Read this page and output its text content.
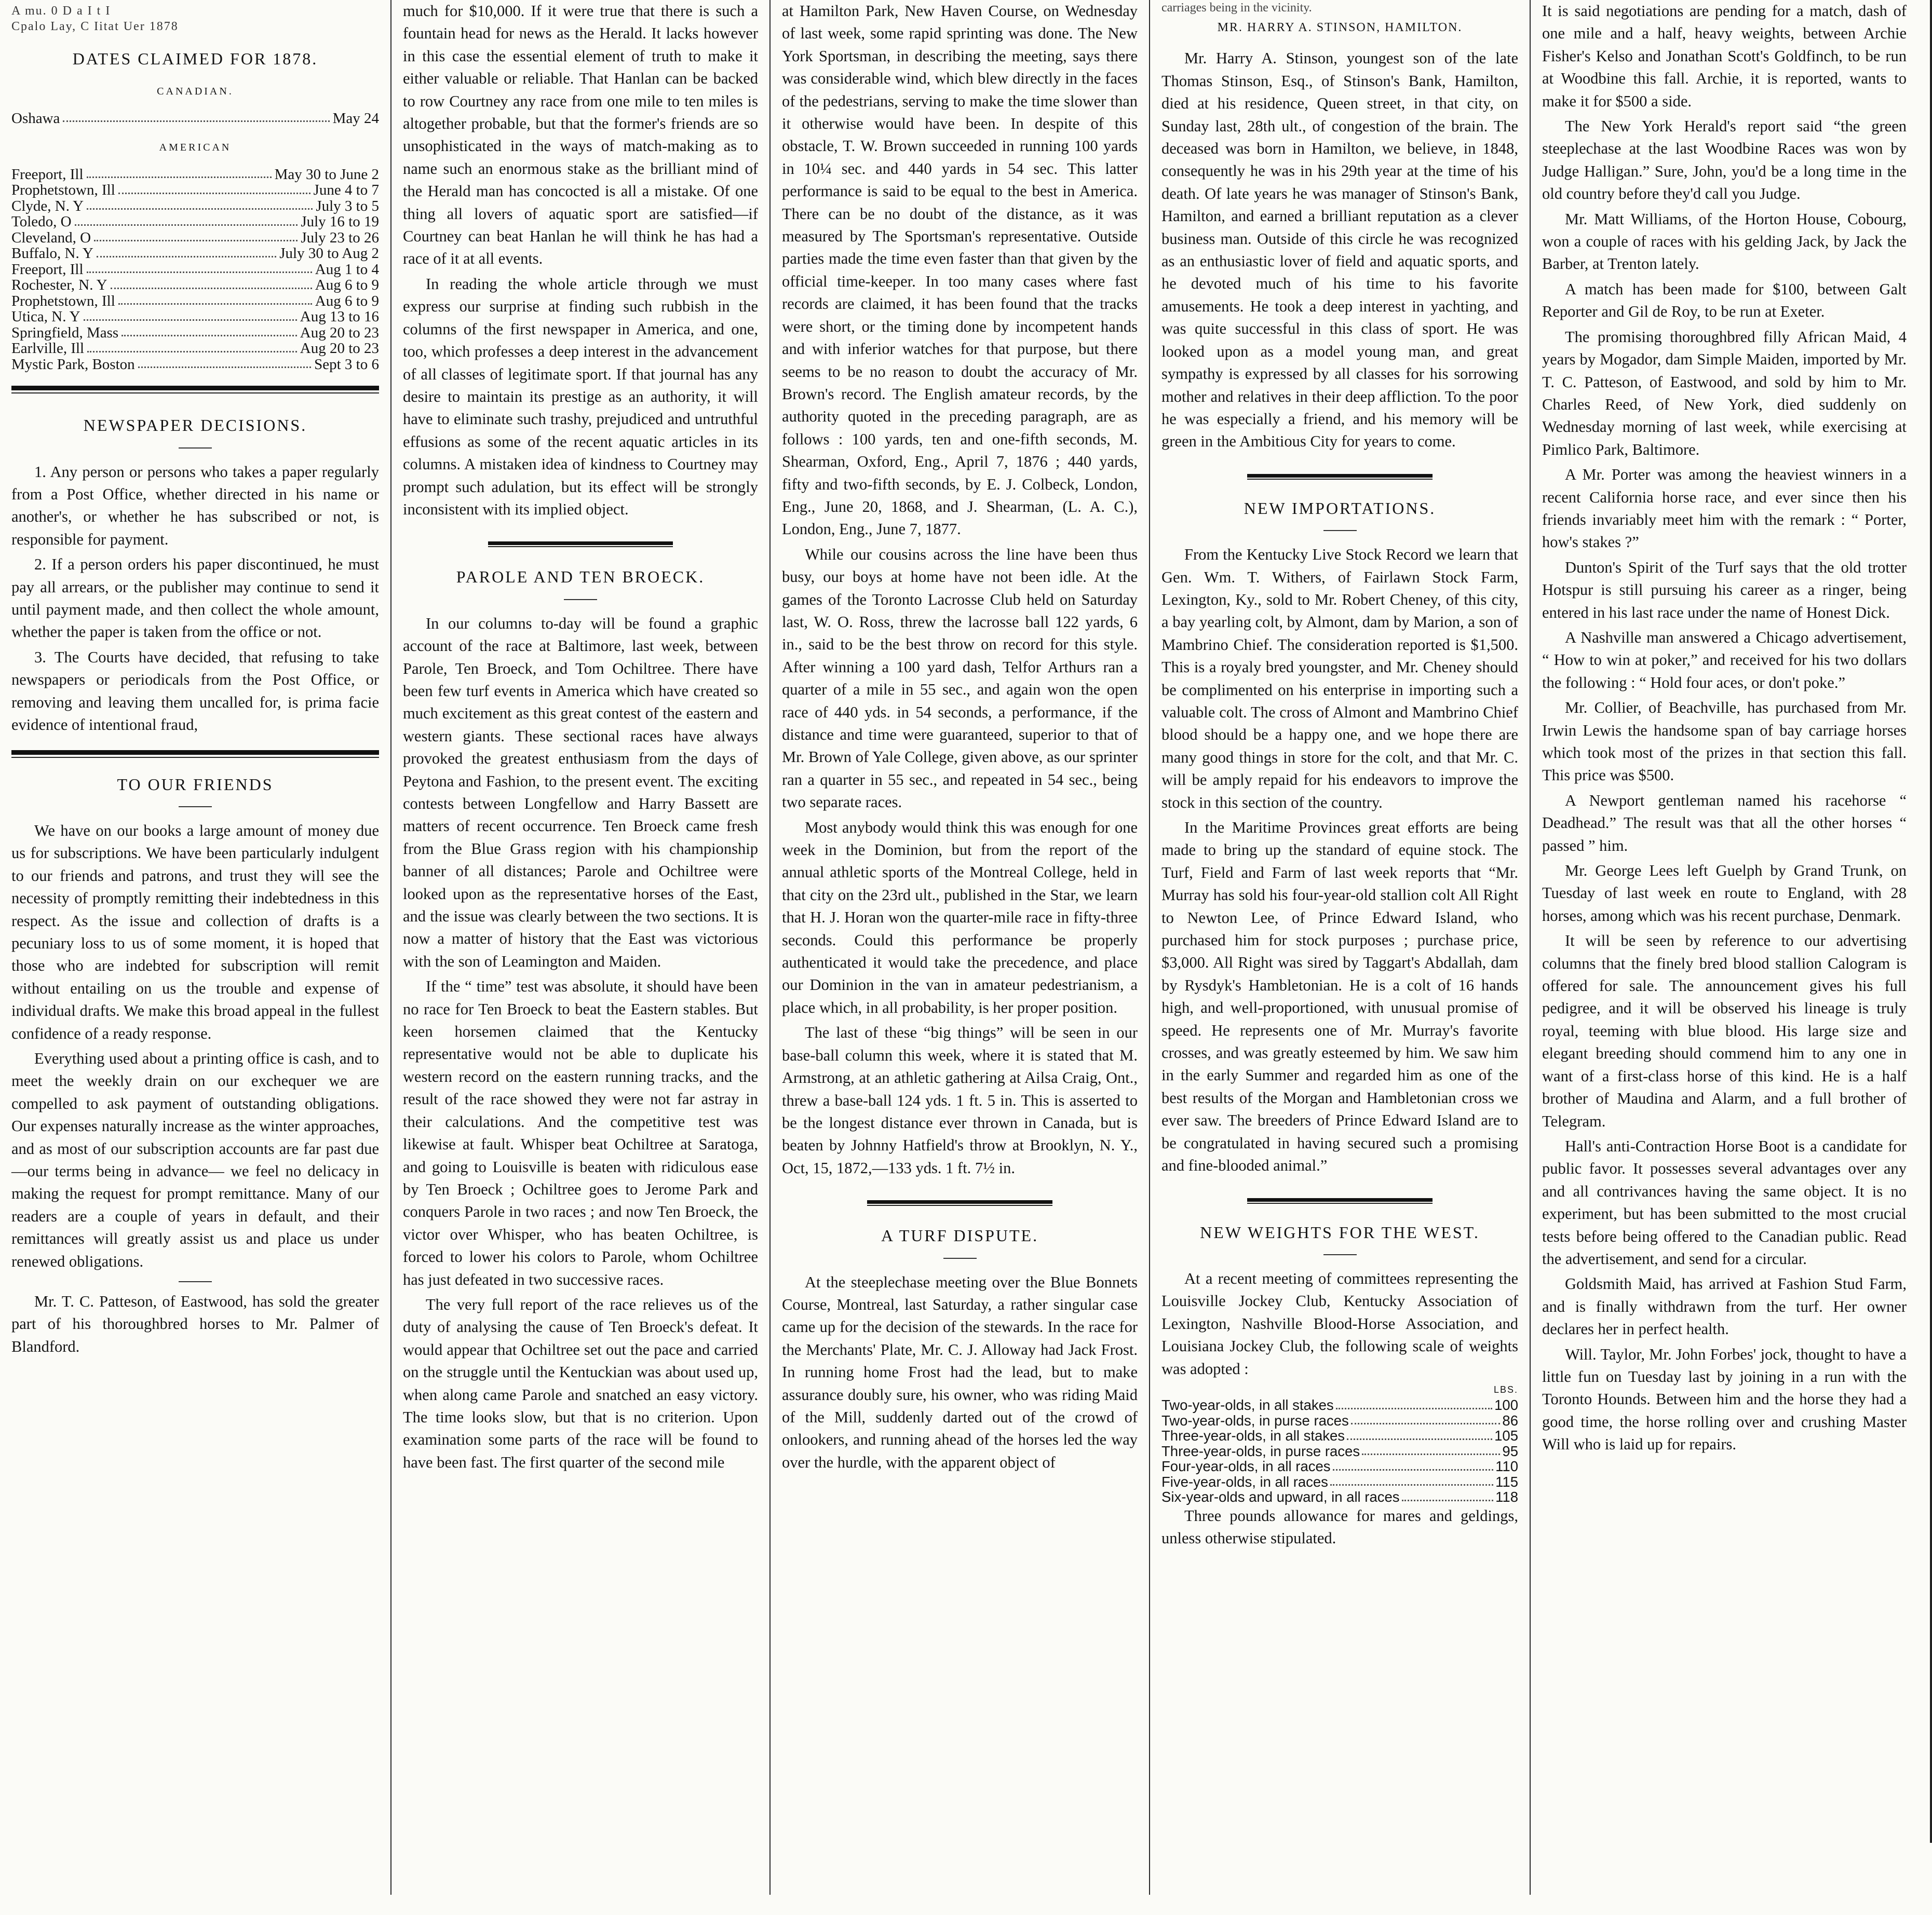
A mu. 0 D a I t I
Cpalo Lay, C Iitat Uer 1878
DATES CLAIMED FOR 1878.
CANADIAN.
Oshawa	May 24
AMERICAN
Freeport, Ill	May 30 to June 2
Prophetstown, Ill	June 4 to 7
Clyde, N. Y	July 3 to 5
Toledo, O	July 16 to 19
Cleveland, O	July 23 to 26
Buffalo, N. Y	July 30 to Aug 2
Freeport, Ill	Aug 1 to 4
Rochester, N. Y	Aug 6 to 9
Prophetstown, Ill	Aug 6 to 9
Utica, N. Y	Aug 13 to 16
Springfield, Mass	Aug 20 to 23
Earlville, Ill	Aug 20 to 23
Mystic Park, Boston	Sept 3 to 6
NEWSPAPER DECISIONS.

1. Any person or persons who takes a paper regularly from a Post Office, whether directed in his name or another's, or whether he has subscribed or not, is responsible for payment.

2. If a person orders his paper discontinued, he must pay all arrears, or the publisher may continue to send it until payment made, and then collect the whole amount, whether the paper is taken from the office or not.

3. The Courts have decided, that refusing to take newspapers or periodicals from the Post Office, or removing and leaving them uncalled for, is prima facie evidence of intentional fraud,

TO OUR FRIENDS

We have on our books a large amount of money due us for subscriptions. We have been particularly indulgent to our friends and patrons, and trust they will see the necessity of promptly remitting their indebtedness in this respect. As the issue and collection of drafts is a pecuniary loss to us of some moment, it is hoped that those who are indebted for subscription will remit without entailing on us the trouble and expense of individual drafts. We make this broad appeal in the fullest confidence of a ready response.

Everything used about a printing office is cash, and to meet the weekly drain on our exchequer we are compelled to ask payment of outstanding obligations. Our expenses naturally increase as the winter approaches, and as most of our subscription accounts are far past due —our terms being in advance— we feel no delicacy in making the request for prompt remittance. Many of our readers are a couple of years in default, and their remittances will greatly assist us and place us under renewed obligations.

Mr. T. C. Patteson, of Eastwood, has sold the greater part of his thoroughbred horses to Mr. Palmer of Blandford.

much for $10,000. If it were true that there is such a fountain head for news as the Herald. It lacks however in this case the essential element of truth to make it either valuable or reliable. That Hanlan can be backed to row Courtney any race from one mile to ten miles is altogether probable, but that the former's friends are so unsophisticated in the ways of match-making as to name such an enormous stake as the brilliant mind of the Herald man has concocted is all a mistake. Of one thing all lovers of aquatic sport are satisfied—if Courtney can beat Hanlan he will think he has had a race of it at all events.

In reading the whole article through we must express our surprise at finding such rubbish in the columns of the first newspaper in America, and one, too, which professes a deep interest in the advancement of all classes of legitimate sport. If that journal has any desire to maintain its prestige as an authority, it will have to eliminate such trashy, prejudiced and untruthful effusions as some of the recent aquatic articles in its columns. A mistaken idea of kindness to Courtney may prompt such adulation, but its effect will be strongly inconsistent with its implied object.

PAROLE AND TEN BROECK.

In our columns to-day will be found a graphic account of the race at Baltimore, last week, between Parole, Ten Broeck, and Tom Ochiltree. There have been few turf events in America which have created so much excitement as this great contest of the eastern and western giants. These sectional races have always provoked the greatest enthusiasm from the days of Peytona and Fashion, to the present event. The exciting contests between Longfellow and Harry Bassett are matters of recent occurrence. Ten Broeck came fresh from the Blue Grass region with his championship banner of all distances; Parole and Ochiltree were looked upon as the representative horses of the East, and the issue was clearly between the two sections. It is now a matter of history that the East was victorious with the son of Leamington and Maiden.

If the “ time” test was absolute, it should have been no race for Ten Broeck to beat the Eastern stables. But keen horsemen claimed that the Kentucky representative would not be able to duplicate his western record on the eastern running tracks, and the result of the race showed they were not far astray in their calculations. And the competitive test was likewise at fault. Whisper beat Ochiltree at Saratoga, and going to Louisville is beaten with ridiculous ease by Ten Broeck ; Ochiltree goes to Jerome Park and conquers Parole in two races ; and now Ten Broeck, the victor over Whisper, who has beaten Ochiltree, is forced to lower his colors to Parole, whom Ochiltree has just defeated in two successive races.

The very full report of the race relieves us of the duty of analysing the cause of Ten Broeck's defeat. It would appear that Ochiltree set out the pace and carried on the struggle until the Kentuckian was about used up, when along came Parole and snatched an easy victory. The time looks slow, but that is no criterion. Upon examination some parts of the race will be found to have been fast. The first quarter of the second mile

at Hamilton Park, New Haven Course, on Wednesday of last week, some rapid sprinting was done. The New York Sportsman, in describing the meeting, says there was considerable wind, which blew directly in the faces of the pedestrians, serving to make the time slower than it otherwise would have been. In despite of this obstacle, T. W. Brown succeeded in running 100 yards in 10¼ sec. and 440 yards in 54 sec. This latter performance is said to be equal to the best in America. There can be no doubt of the distance, as it was measured by The Sportsman's representative. Outside parties made the time even faster than that given by the official time-keeper. In too many cases where fast records are claimed, it has been found that the tracks were short, or the timing done by incompetent hands and with inferior watches for that purpose, but there seems to be no reason to doubt the accuracy of Mr. Brown's record. The English amateur records, by the authority quoted in the preceding paragraph, are as follows : 100 yards, ten and one-fifth seconds, M. Shearman, Oxford, Eng., April 7, 1876 ; 440 yards, fifty and two-fifth seconds, by E. J. Colbeck, London, Eng., June 20, 1868, and J. Shearman, (L. A. C.), London, Eng., June 7, 1877.

While our cousins across the line have been thus busy, our boys at home have not been idle. At the games of the Toronto Lacrosse Club held on Saturday last, W. O. Ross, threw the lacrosse ball 122 yards, 6 in., said to be the best throw on record for this style. After winning a 100 yard dash, Telfor Arthurs ran a quarter of a mile in 55 sec., and again won the open race of 440 yds. in 54 seconds, a performance, if the distance and time were guaranteed, superior to that of Mr. Brown of Yale College, given above, as our sprinter ran a quarter in 55 sec., and repeated in 54 sec., being two separate races.

Most anybody would think this was enough for one week in the Dominion, but from the report of the annual athletic sports of the Montreal College, held in that city on the 23rd ult., published in the Star, we learn that H. J. Horan won the quarter-mile race in fifty-three seconds. Could this performance be properly authenticated it would take the precedence, and place our Dominion in the van in amateur pedestrianism, a place which, in all probability, is her proper position.

The last of these “big things” will be seen in our base-ball column this week, where it is stated that M. Armstrong, at an athletic gathering at Ailsa Craig, Ont., threw a base-ball 124 yds. 1 ft. 5 in. This is asserted to be the longest distance ever thrown in Canada, but is beaten by Johnny Hatfield's throw at Brooklyn, N. Y., Oct, 15, 1872,—133 yds. 1 ft. 7½ in.

A TURF DISPUTE.

At the steeplechase meeting over the Blue Bonnets Course, Montreal, last Saturday, a rather singular case came up for the decision of the stewards. In the race for the Merchants' Plate, Mr. C. J. Alloway had Jack Frost. In running home Frost had the lead, but to make assurance doubly sure, his owner, who was riding Maid of the Mill, suddenly darted out of the crowd of onlookers, and running ahead of the horses led the way over the hurdle, with the apparent object of

carriages being in the vicinity.
MR. HARRY A. STINSON, HAMILTON.

Mr. Harry A. Stinson, youngest son of the late Thomas Stinson, Esq., of Stinson's Bank, Hamilton, died at his residence, Queen street, in that city, on Sunday last, 28th ult., of congestion of the brain. The deceased was born in Hamilton, we believe, in 1848, consequently he was in his 29th year at the time of his death. Of late years he was manager of Stinson's Bank, Hamilton, and earned a brilliant reputation as a clever business man. Outside of this circle he was recognized as an enthusiastic lover of field and aquatic sports, and he devoted much of his time to his favorite amusements. He took a deep interest in yachting, and was quite successful in this class of sport. He was looked upon as a model young man, and great sympathy is expressed by all classes for his sorrowing mother and relatives in their deep affliction. To the poor he was especially a friend, and his memory will be green in the Ambitious City for years to come.

NEW IMPORTATIONS.

From the Kentucky Live Stock Record we learn that Gen. Wm. T. Withers, of Fairlawn Stock Farm, Lexington, Ky., sold to Mr. Robert Cheney, of this city, a bay yearling colt, by Almont, dam by Marion, a son of Mambrino Chief. The consideration reported is $1,500. This is a royaly bred youngster, and Mr. Cheney should be complimented on his enterprise in importing such a valuable colt. The cross of Almont and Mambrino Chief blood should be a happy one, and we hope there are many good things in store for the colt, and that Mr. C. will be amply repaid for his endeavors to improve the stock in this section of the country.

In the Maritime Provinces great efforts are being made to bring up the standard of equine stock. The Turf, Field and Farm of last week reports that “Mr. Murray has sold his four-year-old stallion colt All Right to Newton Lee, of Prince Edward Island, who purchased him for stock purposes ; purchase price, $3,000. All Right was sired by Taggart's Abdallah, dam by Rysdyk's Hambletonian. He is a colt of 16 hands high, and well-proportioned, with unusual promise of speed. He represents one of Mr. Murray's favorite crosses, and was greatly esteemed by him. We saw him in the early Summer and regarded him as one of the best results of the Morgan and Hambletonian cross we ever saw. The breeders of Prince Edward Island are to be congratulated in having secured such a promising and fine-blooded animal.”

NEW WEIGHTS FOR THE WEST.

At a recent meeting of committees representing the Louisville Jockey Club, Kentucky Association of Lexington, Nashville Blood-Horse Association, and Louisiana Jockey Club, the following scale of weights was adopted :

LBS.
Two-year-olds, in all stakes	100
Two-year-olds, in purse races	86
Three-year-olds, in all stakes	105
Three-year-olds, in purse races	95
Four-year-olds, in all races	110
Five-year-olds, in all races	115
Six-year-olds and upward, in all races	118

Three pounds allowance for mares and geldings, unless otherwise stipulated.

It is said negotiations are pending for a match, dash of one mile and a half, heavy weights, between Archie Fisher's Kelso and Jonathan Scott's Goldfinch, to be run at Woodbine this fall. Archie, it is reported, wants to make it for $500 a side.

The New York Herald's report said “the green steeplechase at the last Woodbine Races was won by Judge Halligan.” Sure, John, you'd be a long time in the old country before they'd call you Judge.

Mr. Matt Williams, of the Horton House, Cobourg, won a couple of races with his gelding Jack, by Jack the Barber, at Trenton lately.

A match has been made for $100, between Galt Reporter and Gil de Roy, to be run at Exeter.

The promising thoroughbred filly African Maid, 4 years by Mogador, dam Simple Maiden, imported by Mr. T. C. Patteson, of Eastwood, and sold by him to Mr. Charles Reed, of New York, died suddenly on Wednesday morning of last week, while exercising at Pimlico Park, Baltimore.

A Mr. Porter was among the heaviest winners in a recent California horse race, and ever since then his friends invariably meet him with the remark : “ Porter, how's stakes ?”

Dunton's Spirit of the Turf says that the old trotter Hotspur is still pursuing his career as a ringer, being entered in his last race under the name of Honest Dick.

A Nashville man answered a Chicago advertisement, “ How to win at poker,” and received for his two dollars the following : “ Hold four aces, or don't poke.”

Mr. Collier, of Beachville, has purchased from Mr. Irwin Lewis the handsome span of bay carriage horses which took most of the prizes in that section this fall. This price was $500.

A Newport gentleman named his racehorse “ Deadhead.” The result was that all the other horses “ passed ” him.

Mr. George Lees left Guelph by Grand Trunk, on Tuesday of last week en route to England, with 28 horses, among which was his recent purchase, Denmark.

It will be seen by reference to our advertising columns that the finely bred blood stallion Calogram is offered for sale. The announcement gives his full pedigree, and it will be observed his lineage is truly royal, teeming with blue blood. His large size and elegant breeding should commend him to any one in want of a first-class horse of this kind. He is a half brother of Maudina and Alarm, and a full brother of Telegram.

Hall's anti-Contraction Horse Boot is a candidate for public favor. It possesses several advantages over any and all contrivances having the same object. It is no experiment, but has been submitted to the most crucial tests before being offered to the Canadian public. Read the advertisement, and send for a circular.

Goldsmith Maid, has arrived at Fashion Stud Farm, and is finally withdrawn from the turf. Her owner declares her in perfect health.

Will. Taylor, Mr. John Forbes' jock, thought to have a little fun on Tuesday last by joining in a run with the Toronto Hounds. Between him and the horse they had a good time, the horse rolling over and crushing Master Will who is laid up for repairs.
